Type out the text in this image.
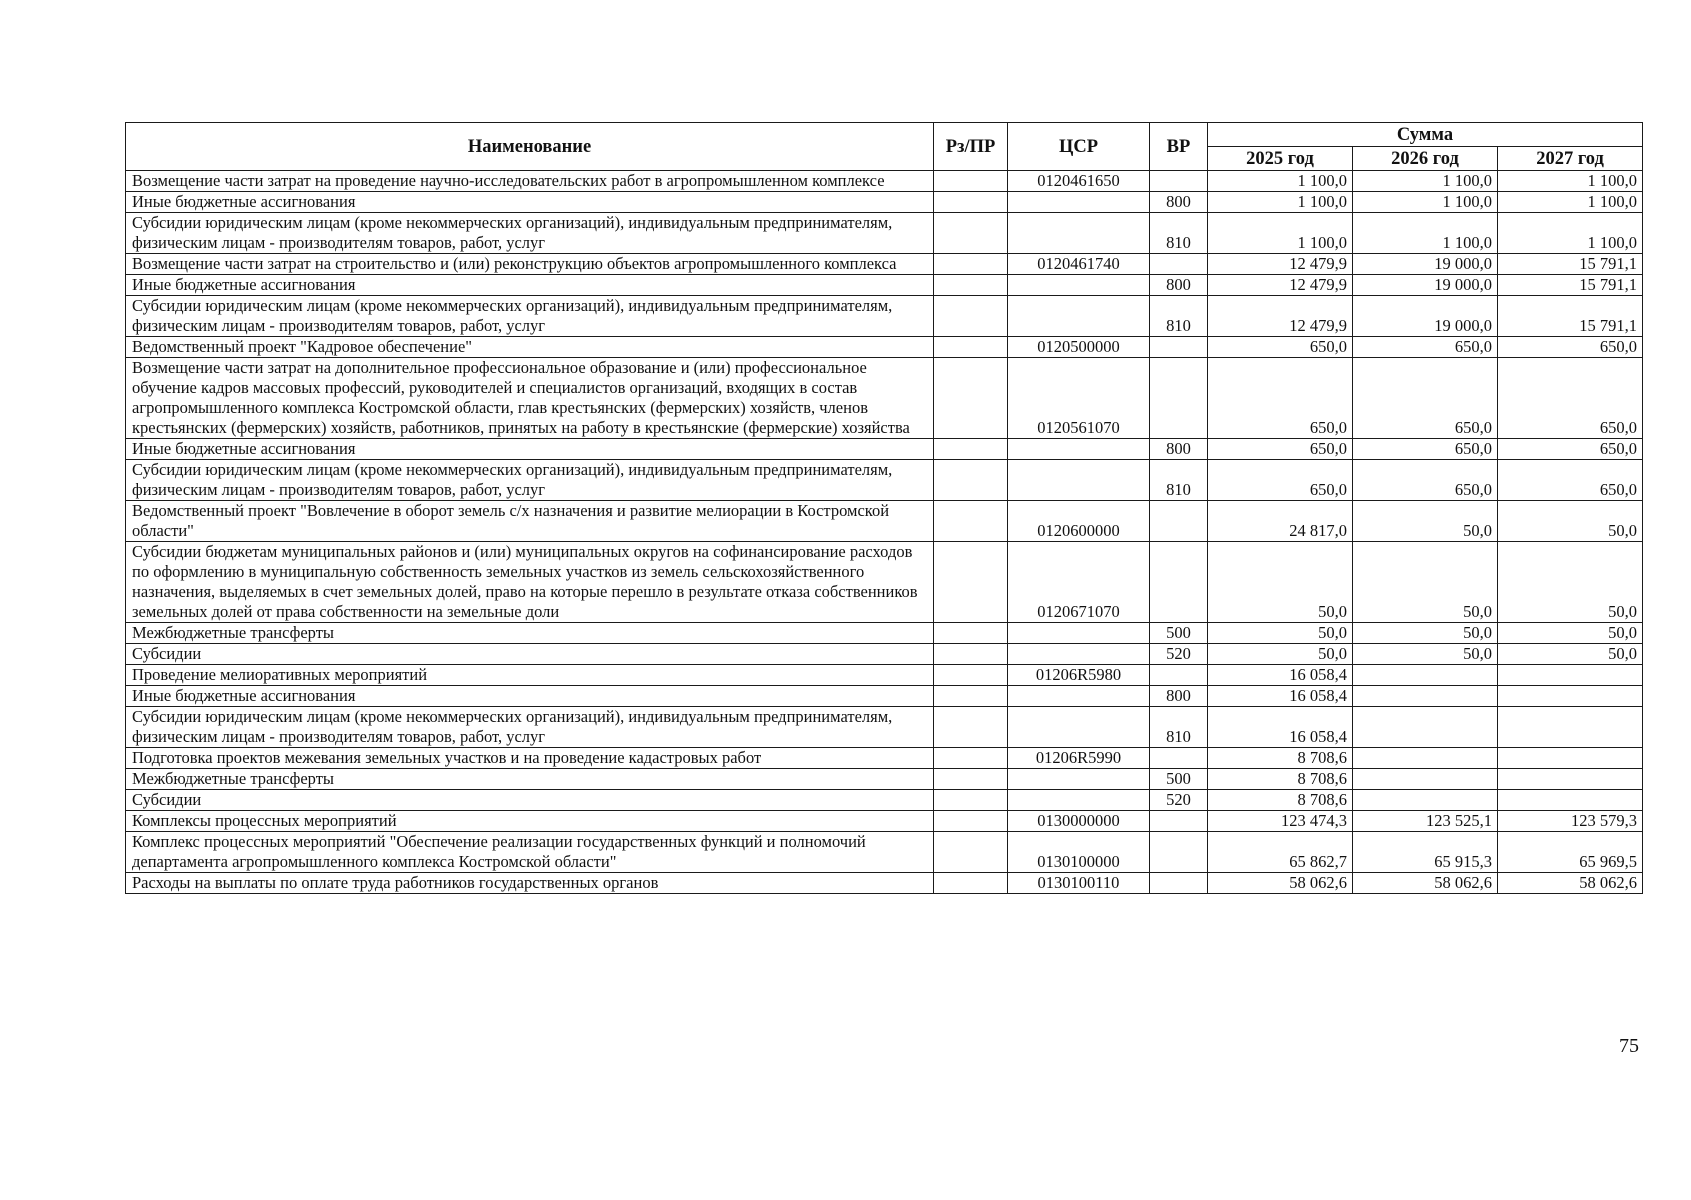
Наименование	Рз/ПР	ЦСР	ВР	Сумма		
				2025 год	2026 год	2027 год
Возмещение части затрат на проведение научно-исследовательских работ в агропромышленном комплексе		0120461650		1 100,0	1 100,0	1 100,0
Иные бюджетные ассигнования			800	1 100,0	1 100,0	1 100,0
Субсидии юридическим лицам (кроме некоммерческих организаций), индивидуальным предпринимателям, физическим лицам - производителям товаров, работ, услуг			810	1 100,0	1 100,0	1 100,0
Возмещение части затрат на строительство и (или) реконструкцию объектов агропромышленного комплекса		0120461740		12 479,9	19 000,0	15 791,1
Иные бюджетные ассигнования			800	12 479,9	19 000,0	15 791,1
Субсидии юридическим лицам (кроме некоммерческих организаций), индивидуальным предпринимателям, физическим лицам - производителям товаров, работ, услуг			810	12 479,9	19 000,0	15 791,1
Ведомственный проект "Кадровое обеспечение"		0120500000		650,0	650,0	650,0
Возмещение части затрат на дополнительное профессиональное образование и (или) профессиональное обучение кадров массовых профессий, руководителей и специалистов организаций, входящих в состав агропромышленного комплекса Костромской области, глав крестьянских (фермерских) хозяйств, членов крестьянских (фермерских) хозяйств, работников, принятых на работу в крестьянские (фермерские) хозяйства		0120561070		650,0	650,0	650,0
Иные бюджетные ассигнования			800	650,0	650,0	650,0
Субсидии юридическим лицам (кроме некоммерческих организаций), индивидуальным предпринимателям, физическим лицам - производителям товаров, работ, услуг			810	650,0	650,0	650,0
Ведомственный проект "Вовлечение в оборот земель с/х назначения и развитие мелиорации в Костромской области"		0120600000		24 817,0	50,0	50,0
Субсидии бюджетам муниципальных районов и (или) муниципальных округов на софинансирование расходов по оформлению в муниципальную собственность земельных участков из земель сельскохозяйственного назначения, выделяемых в счет земельных долей, право на которые перешло в результате отказа собственников земельных долей от права собственности на земельные доли		0120671070		50,0	50,0	50,0
Межбюджетные трансферты			500	50,0	50,0	50,0
Субсидии			520	50,0	50,0	50,0
Проведение мелиоративных мероприятий		01206R5980		16 058,4		
Иные бюджетные ассигнования			800	16 058,4		
Субсидии юридическим лицам (кроме некоммерческих организаций), индивидуальным предпринимателям, физическим лицам - производителям товаров, работ, услуг			810	16 058,4		
Подготовка проектов межевания земельных участков и на проведение кадастровых работ		01206R5990		8 708,6		
Межбюджетные трансферты			500	8 708,6		
Субсидии			520	8 708,6		
Комплексы процессных мероприятий		0130000000		123 474,3	123 525,1	123 579,3
Комплекс процессных мероприятий "Обеспечение реализации государственных функций и полномочий департамента агропромышленного комплекса Костромской области"		0130100000		65 862,7	65 915,3	65 969,5
Расходы на выплаты по оплате труда работников государственных органов		0130100110		58 062,6	58 062,6	58 062,6
75
